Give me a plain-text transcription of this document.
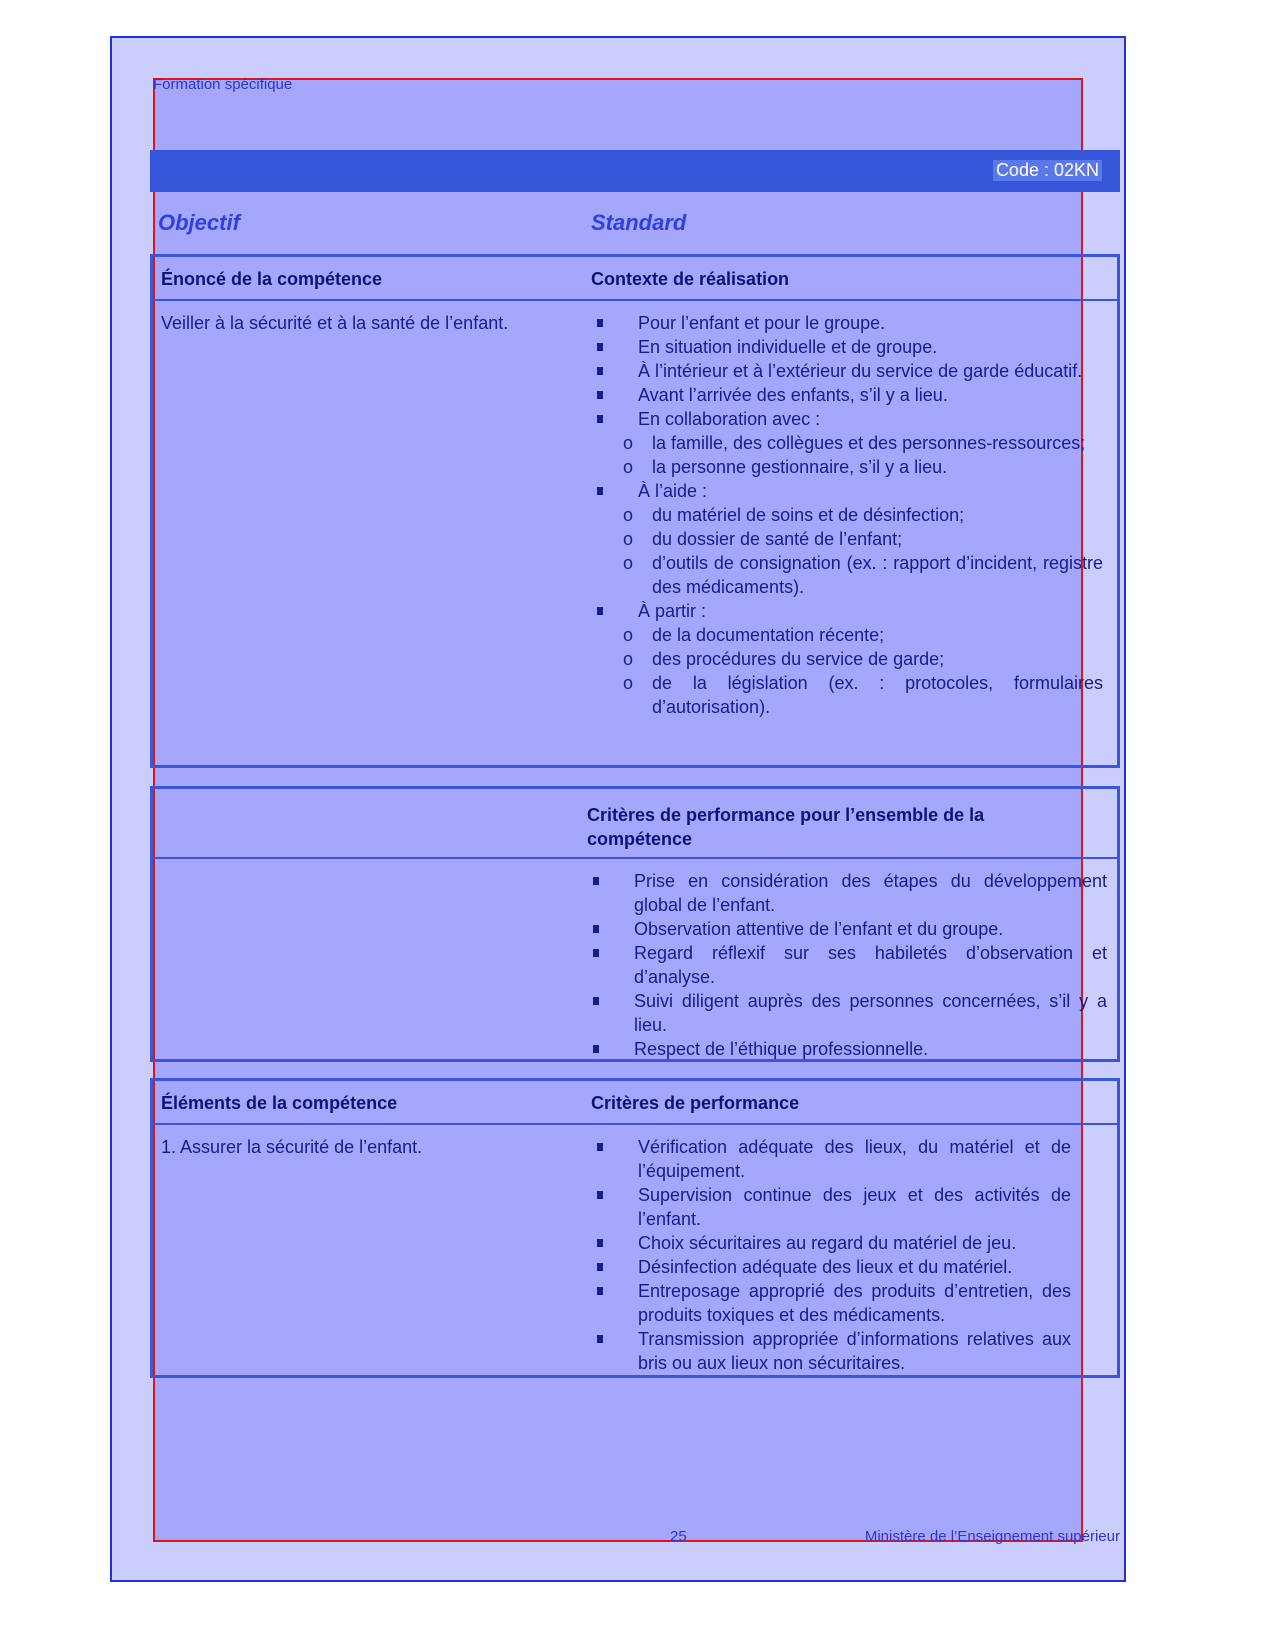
Formation spécifique
Code : 02KN
Objectif	Standard
Énoncé de la compétence	Contexte de réalisation
Veiller à la sécurité et à la santé de l’enfant.	Pour l’enfant et pour le groupe.
En situation individuelle et de groupe.
À l’intérieur et à l’extérieur du service de garde éducatif.
Avant l’arrivée des enfants, s’il y a lieu.
En collaboration avec :
o la famille, des collègues et des personnes-ressources;
o la personne gestionnaire, s’il y a lieu.
À l’aide :
o du matériel de soins et de désinfection;
o du dossier de santé de l’enfant;
o d’outils de consignation (ex. : rapport d’incident, registre des médicaments).
À partir :
o de la documentation récente;
o des procédures du service de garde;
o de la législation (ex. : protocoles, formulaires d’autorisation).
Critères de performance pour l’ensemble de la compétence
Prise en considération des étapes du développement global de l’enfant.
Observation attentive de l’enfant et du groupe.
Regard réflexif sur ses habiletés d’observation et d’analyse.
Suivi diligent auprès des personnes concernées, s’il y a lieu.
Respect de l’éthique professionnelle.
Éléments de la compétence	Critères de performance
1. Assurer la sécurité de l’enfant.	Vérification adéquate des lieux, du matériel et de l’équipement.
Supervision continue des jeux et des activités de l’enfant.
Choix sécuritaires au regard du matériel de jeu.
Désinfection adéquate des lieux et du matériel.
Entreposage approprié des produits d’entretien, des produits toxiques et des médicaments.
Transmission appropriée d’informations relatives aux bris ou aux lieux non sécuritaires.
25	Ministère de l’Enseignement supérieur
